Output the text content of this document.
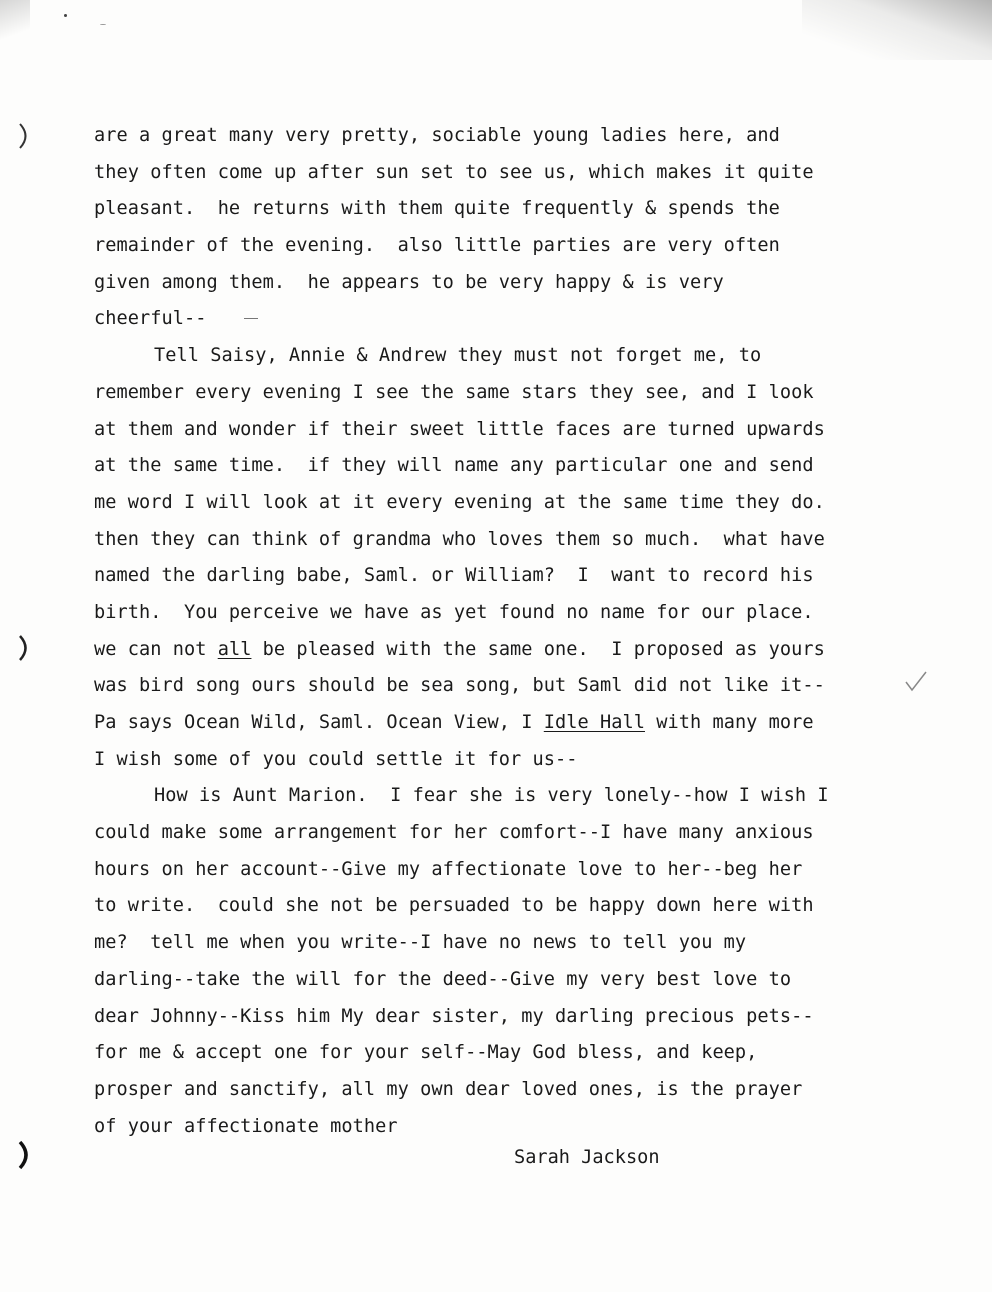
are a great many very pretty, sociable young ladies here, and
they often come up after sun set to see us, which makes it quite
pleasant.  he returns with them quite frequently & spends the
remainder of the evening.  also little parties are very often
given among them.  he appears to be very happy & is very
cheerful--
Tell Saisy, Annie & Andrew they must not forget me, to
remember every evening I see the same stars they see, and I look
at them and wonder if their sweet little faces are turned upwards
at the same time.  if they will name any particular one and send
me word I will look at it every evening at the same time they do.
then they can think of grandma who loves them so much.  what have
named the darling babe, Saml. or William?  I  want to record his
birth.  You perceive we have as yet found no name for our place.
we can not all be pleased with the same one.  I proposed as yours
was bird song ours should be sea song, but Saml did not like it--
Pa says Ocean Wild, Saml. Ocean View, I Idle Hall with many more
I wish some of you could settle it for us--
How is Aunt Marion.  I fear she is very lonely--how I wish I
could make some arrangement for her comfort--I have many anxious
hours on her account--Give my affectionate love to her--beg her
to write.  could she not be persuaded to be happy down here with
me?  tell me when you write--I have no news to tell you my
darling--take the will for the deed--Give my very best love to
dear Johnny--Kiss him My dear sister, my darling precious pets--
for me & accept one for your self--May God bless, and keep,
prosper and sanctify, all my own dear loved ones, is the prayer
of your affectionate mother
Sarah Jackson
